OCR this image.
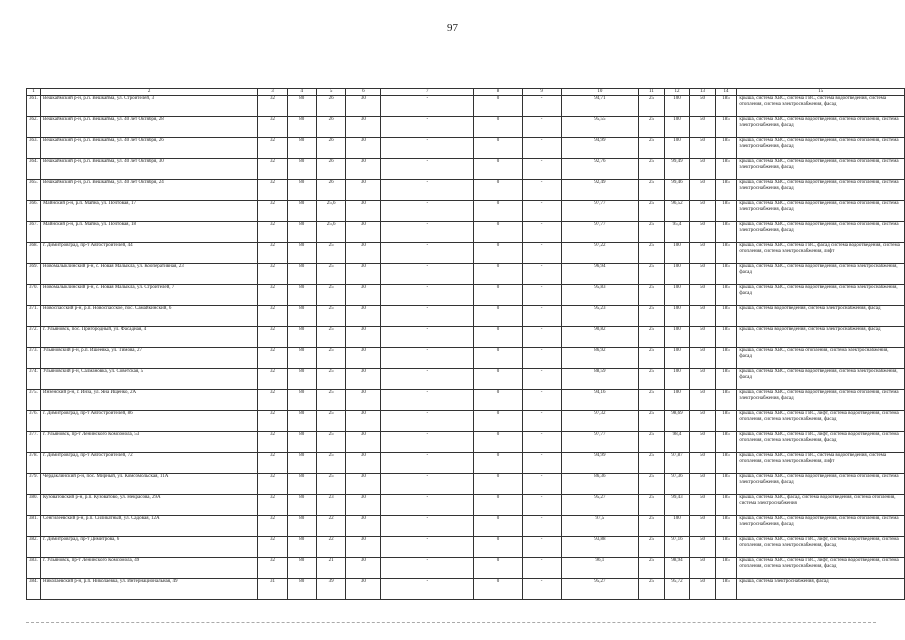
97
1	2	3	4	5	6	7	8	9	10	11	12	13	14	15
361.	Вешкаймский р-н, р.п. Вешкайма, ул. Строителей, 3	32	80	26	30	-	0	-	94,71	25	100	50	185	крыша, система ХВС, система ГВС, система водоотведения, система отопления, система электроснабжения, фасад
362.	Вешкаймский р-н, р.п. Вешкайма, ул. 40 лет Октября, 28	32	80	26	30	-	0	-	95,55	25	100	50	185	крыша, система ХВС, система водоотведения, система отопления, система электроснабжения, фасад
363.	Вешкаймский р-н, р.п. Вешкайма, ул. 40 лет Октября, 26	32	80	26	30	-	0	-	94,99	25	100	50	185	крыша, система ХВС, система водоотведения, система отопления, система электроснабжения, фасад
364.	Вешкаймский р-н, р.п. Вешкайма, ул. 40 лет Октября, 30	32	80	26	30	-	0	-	92,76	25	99,49	50	185	крыша, система ХВС, система водоотведения, система отопления, система электроснабжения, фасад
365.	Вешкаймский р-н, р.п. Вешкайма, ул. 40 лет Октября, 24	32	80	26	30	-	0	-	92,49	25	99,46	50	185	крыша, система ХВС, система водоотведения, система отопления, система электроснабжения, фасад
366.	Майнский р-н, р.п. Майна, ул. Почтовая, 17	32	80	25,6	30	-	0	-	97,77	25	96,52	50	185	крыша, система ХВС, система водоотведения, система отопления, система электроснабжения, фасад
367.	Майнский р-н, р.п. Майна, ул. Почтовая, 18	32	80	25,6	30	-	0	-	97,77	25	95,4	50	185	крыша, система ХВС, система водоотведения, система отопления, система электроснабжения, фасад
368.	г. Димитровград, пр-т Автостроителей, 44	32	80	25	30	-	0	-	97,22	25	100	50	185	крыша, система ХВС, система ГВС, фасад система водоотведения, система отопления, система электроснабжения, лифт
369.	Новомалыклинский р-н, с. Новая Малыкла, ул. Кооперативная, 23	32	80	25	30	-	0	-	96,94	25	100	50	185	крыша, система ХВС, система водоотведения, система электроснабжения, фасад
370.	Новомалыклинский р-н, с. Новая Малыкла, ул. Строителей, 7	32	80	25	30	-	0	-	95,83	25	100	50	185	крыша, система ХВС, система водоотведения, система электроснабжения, фасад
371.	Новоспасский р-н, р.п. Новоспасское, пос. Самайкинский, 6	32	80	25	30	-	0	-	95,23	25	100	50	185	крыша, система водоотведения, система электроснабжения, фасад
372.	г. Ульяновск, пос. Пригородный, ул. Фасадная, 4	32	80	25	30	-	0	-	90,82	25	100	50	185	крыша, система водоотведения, система электроснабжения, фасад
373.	Ульяновский р-н, р.п. Ишеевка, ул. Тимова, 27	32	80	25	30	-	0	-	86,92	25	100	50	185	крыша, система ХВС, система отопления, система электроснабжения, фасад
374.	Ульяновский р-н, Салмановка, ул. Советская, 5	32	80	25	30	-	0	-	88,59	25	100	50	185	крыша, система ХВС, система водоотведения, система электроснабжения, фасад
375.	Инзенский р-н, г. Инза, ул. Яна Ищенко, 2А	32	80	25	30	-	0	-	94,16	25	100	50	185	крыша, система ХВС, система водоотведения, система отопления, система электроснабжения, фасад
376.	г. Димитровград, пр-т Автостроителей, 86	32	80	25	30	-	0	-	97,32	25	98,69	50	185	крыша, система ХВС, система ГВС, лифт, система водоотведения, система отопления, система электроснабжения, фасад
377.	г. Ульяновск, пр-т Ленинского Комсомола, 53	32	80	25	30	-	0	-	97,77	25	98,4	50	185	крыша, система ХВС, система ГВС, лифт, система водоотведения, система отопления, система электроснабжения, фасад
378.	г. Димитровград, пр-т Автостроителей, 72	32	80	25	30	-	0	-	94,99	25	97,87	50	185	крыша, система ХВС, система ГВС, система водоотведения, система отопления, система электроснабжения, лифт
379.	Чердаклинский р-н, пос. Мирный, ул. Комсомольская, 11А	32	80	25	30	-	0	-	86,36	25	97,36	50	185	крыша, система ХВС, система водоотведения, система отопления, система электроснабжения, фасад
380.	Кузоватовский р-н, р.п. Кузоватово, ул. Некрасова, 29А	32	80	23	30	-	0	-	95,27	25	99,43	50	185	крыша, система ХВС, фасад, система водоотведения, система отопления, система электроснабжения
381.	Сенгилеевский р-н, р.п. Силикатный, ул. Садовая, 12А	32	80	22	30	-	0	-	97,5	25	100	50	185	крыша, система ХВС, система водоотведения, система отопления, система электроснабжения, фасад
382.	г. Димитровград, пр-т Димитрова, 6	32	80	22	30	-	0	-	93,88	25	97,16	50	185	крыша, система ХВС, система ГВС, лифт, система водоотведения, система отопления, система электроснабжения, фасад
383.	г. Ульяновск, пр-т Ленинского Комсомола, 49	32	80	21	30	-	0	-	96,1	25	98,94	50	185	крыша, система ХВС, система ГВС, лифт, система водоотведения, система отопления, система электроснабжения, фасад
384.	Николаевский р-н, р.п. Николаевка, ул. Интернациональная, 49	31	80	39	30	-	0	-	95,27	25	95,72	50	185	крыша, система электроснабжения, фасад
